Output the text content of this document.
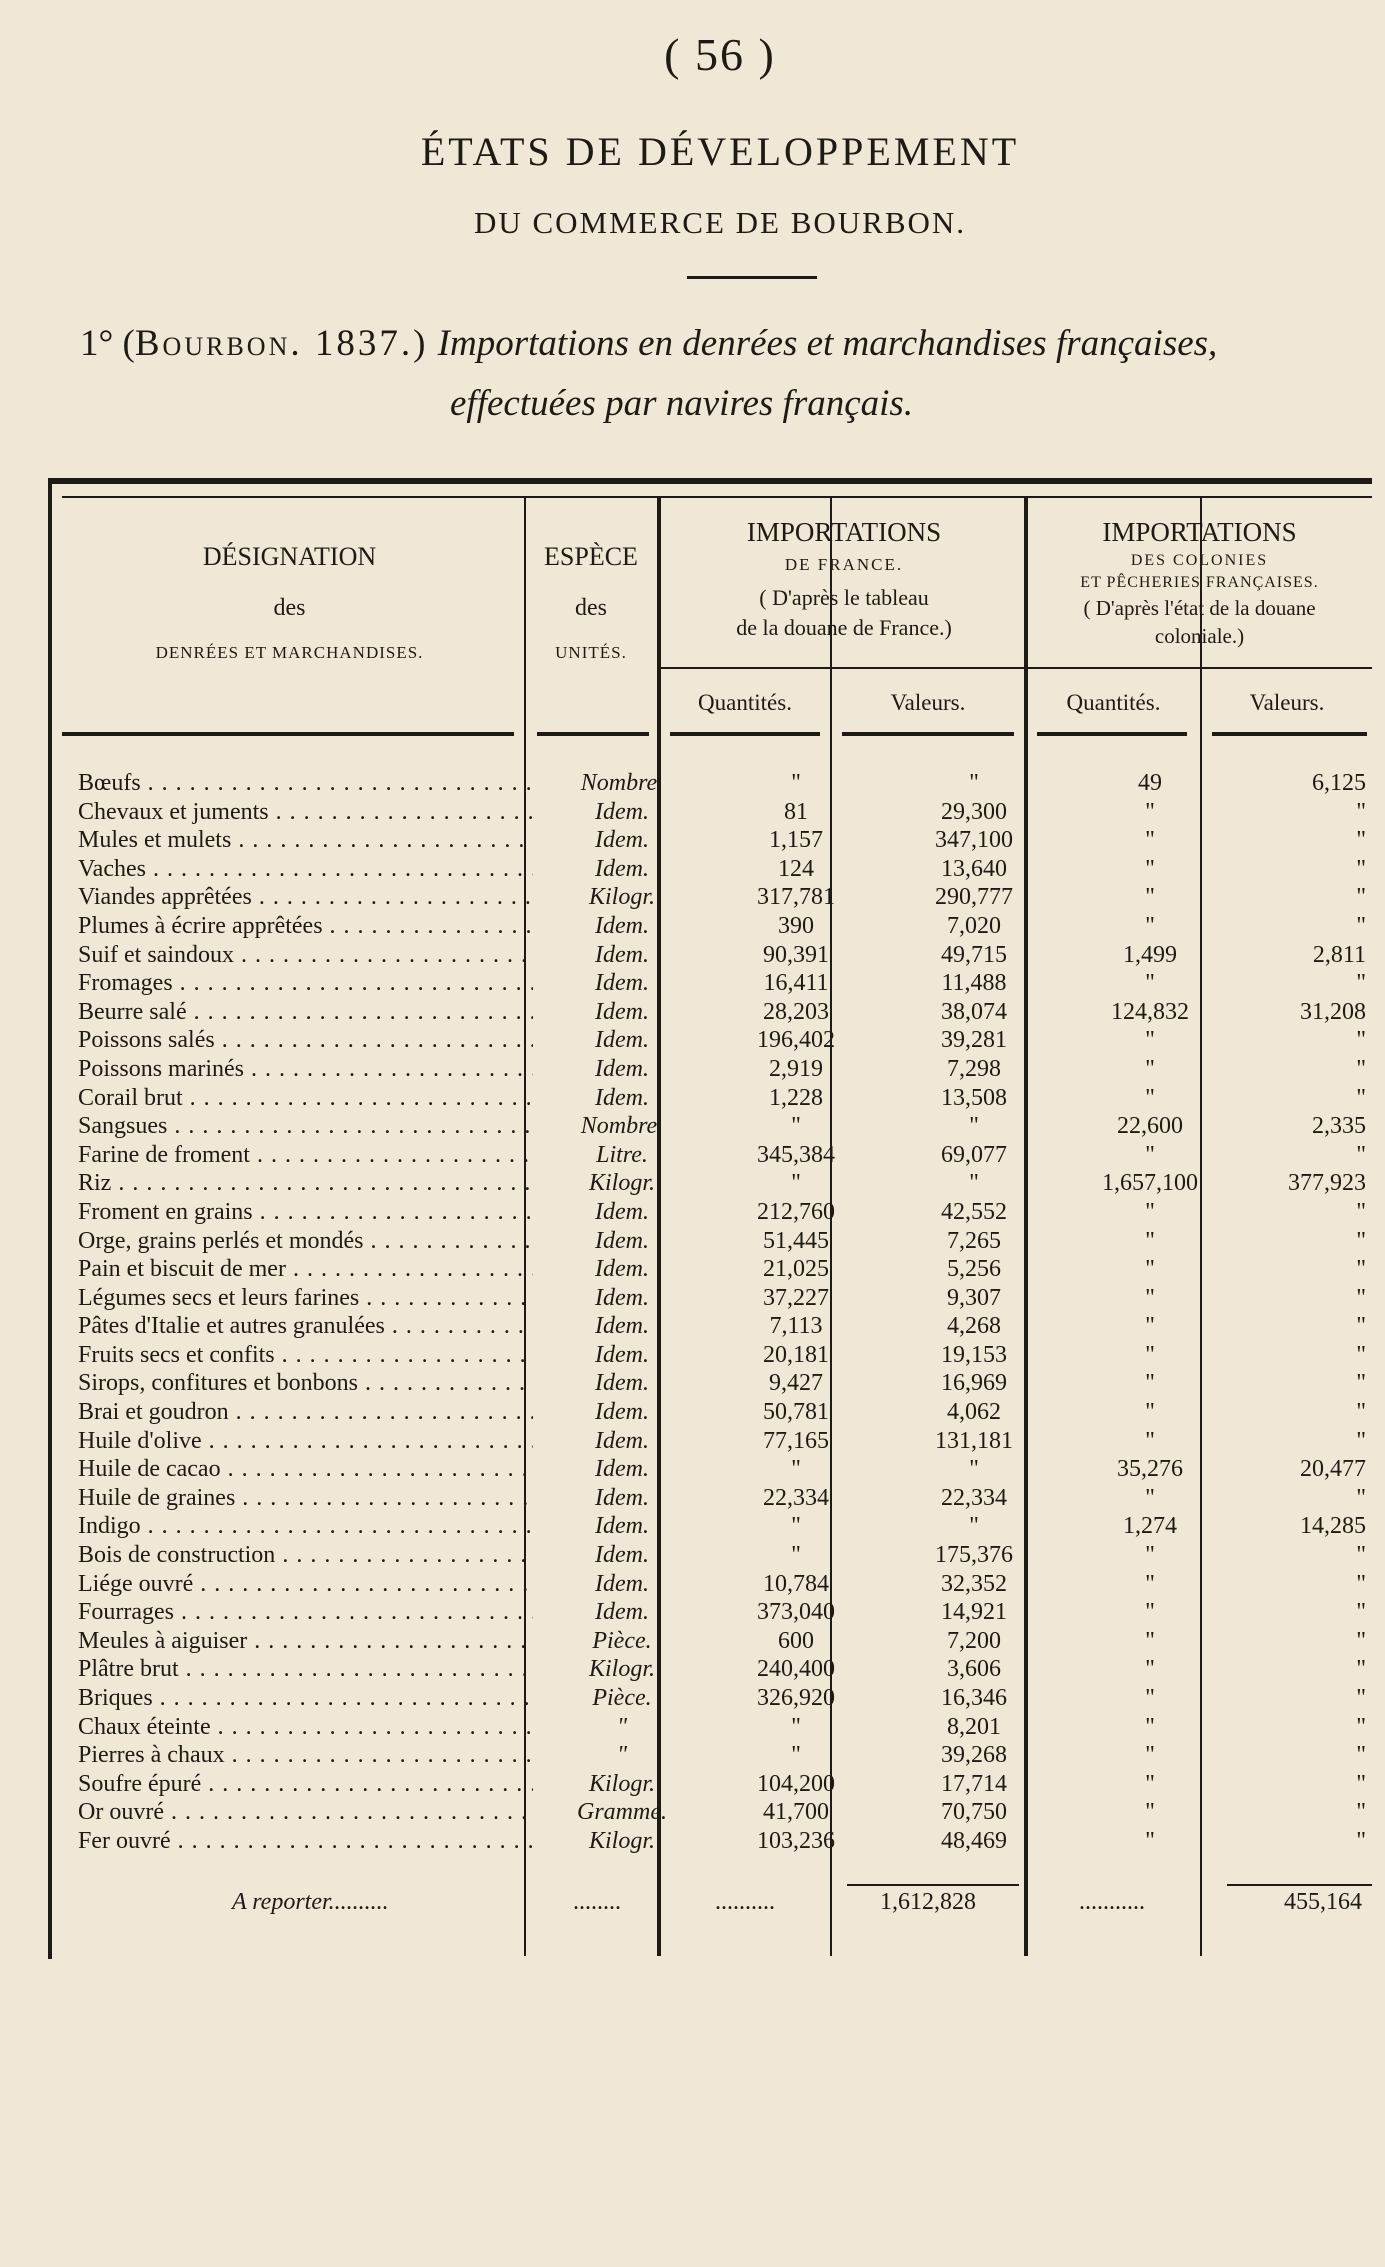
( 56 )
ÉTATS DE DÉVELOPPEMENT
DU COMMERCE DE BOURBON.
1° (Bourbon. 1837.) Importations en denrées et marchandises françaises,
effectuées par navires français.
DÉSIGNATION
des
DENRÉES ET MARCHANDISES.
ESPÈCE
des
UNITÉS.
IMPORTATIONS
DE FRANCE.
( D'après le tableau
de la douane de France.)
IMPORTATIONS
DES COLONIES
ET PÊCHERIES FRANÇAISES.
( D'après l'état de la douane
coloniale.)
Quantités.	Valeurs.	Quantités.	Valeurs.
Bœufs . . .	Nombre.	"	"	49	6,125
Chevaux et juments . . .	Idem.	81	29,300	"	"
Mules et mulets . . .	Idem.	1,157	347,100	"	"
Vaches . . .	Idem.	124	13,640	"	"
Viandes apprêtées . . .	Kilogr.	317,781	290,777	"	"
Plumes à écrire apprêtées . . .	Idem.	390	7,020	"	"
Suif et saindoux . . .	Idem.	90,391	49,715	1,499	2,811
Fromages . . .	Idem.	16,411	11,488	"	"
Beurre salé . . .	Idem.	28,203	38,074	124,832	31,208
Poissons salés . . .	Idem.	196,402	39,281	"	"
Poissons marinés . . .	Idem.	2,919	7,298	"	"
Corail brut . . .	Idem.	1,228	13,508	"	"
Sangsues . . .	Nombre.	"	"	22,600	2,335
Farine de froment . . .	Litre.	345,384	69,077	"	"
Riz . . .	Kilogr.	"	"	1,657,100	377,923
Froment en grains . . .	Idem.	212,760	42,552	"	"
Orge, grains perlés et mondés . . .	Idem.	51,445	7,265	"	"
Pain et biscuit de mer . . .	Idem.	21,025	5,256	"	"
Légumes secs et leurs farines . . .	Idem.	37,227	9,307	"	"
Pâtes d'Italie et autres granulées . . .	Idem.	7,113	4,268	"	"
Fruits secs et confits . . .	Idem.	20,181	19,153	"	"
Sirops, confitures et bonbons . . .	Idem.	9,427	16,969	"	"
Brai et goudron . . .	Idem.	50,781	4,062	"	"
Huile d'olive . . .	Idem.	77,165	131,181	"	"
Huile de cacao . . .	Idem.	"	"	35,276	20,477
Huile de graines . . .	Idem.	22,334	22,334	"	"
Indigo . . .	Idem.	"	"	1,274	14,285
Bois de construction . . .	Idem.	"	175,376	"	"
Liége ouvré . . .	Idem.	10,784	32,352	"	"
Fourrages . . .	Idem.	373,040	14,921	"	"
Meules à aiguiser . . .	Pièce.	600	7,200	"	"
Plâtre brut . . .	Kilogr.	240,400	3,606	"	"
Briques . . .	Pièce.	326,920	16,346	"	"
Chaux éteinte . . .	"	"	8,201	"	"
Pierres à chaux . . .	"	"	39,268	"	"
Soufre épuré . . .	Kilogr.	104,200	17,714	"	"
Or ouvré . . .	Gramme.	41,700	70,750	"	"
Fer ouvré . . .	Kilogr.	103,236	48,469	"	"
A reporter..........	........	..........	1,612,828	...........	455,164
